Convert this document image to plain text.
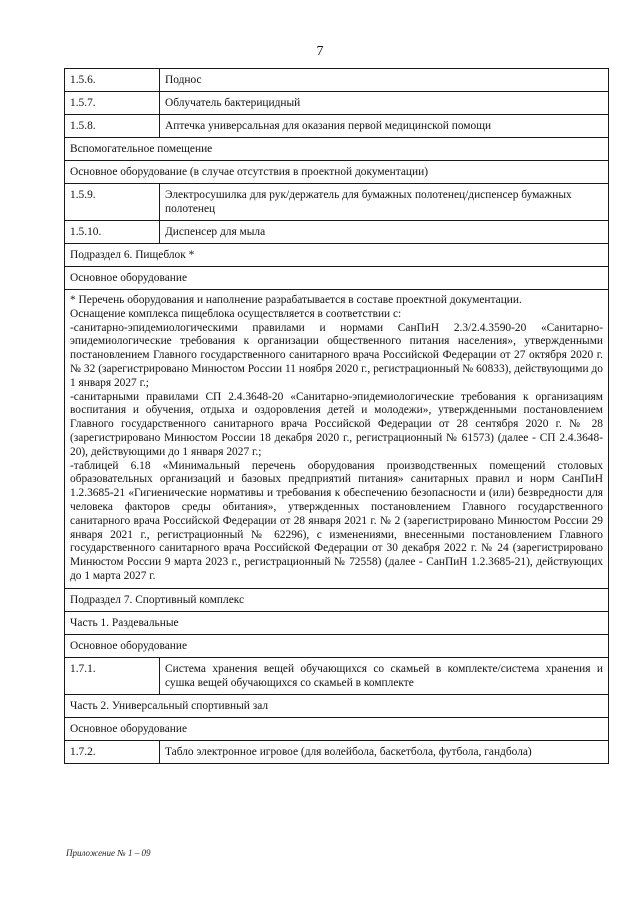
7
1.5.6.	Поднос
1.5.7.	Облучатель бактерицидный
1.5.8.	Аптечка универсальная для оказания первой медицинской помощи
Вспомогательное помещение	
Основное оборудование (в случае отсутствия в проектной документации)	
1.5.9.	Электросушилка для рук/держатель для бумажных полотенец/диспенсер бумажных полотенец
1.5.10.	Диспенсер для мыла
Подраздел 6. Пищеблок *	
Основное оборудование	

* Перечень оборудования и наполнение разрабатывается в составе проектной документации.

Оснащение комплекса пищеблока осуществляется в соответствии с:

-санитарно-эпидемиологическими правилами и нормами СанПиН 2.3/2.4.3590-20 «Санитарно-эпидемиологические требования к организации общественного питания населения», утвержденными постановлением Главного государственного санитарного врача Российской Федерации от 27 октября 2020 г. № 32 (зарегистрировано Минюстом России 11 ноября 2020 г., регистрационный № 60833), действующими до 1 января 2027 г.;

-санитарными правилами СП 2.4.3648-20 «Санитарно-эпидемиологические требования к организациям воспитания и обучения, отдыха и оздоровления детей и молодежи», утвержденными постановлением Главного государственного санитарного врача Российской Федерации от 28 сентября 2020 г. № 28 (зарегистрировано Минюстом России 18 декабря 2020 г., регистрационный № 61573) (далее - СП 2.4.3648-20), действующими до 1 января 2027 г.;

-таблицей 6.18 «Минимальный перечень оборудования производственных помещений столовых образовательных организаций и базовых предприятий питания» санитарных правил и норм СанПиН 1.2.3685-21 «Гигиенические нормативы и требования к обеспечению безопасности и (или) безвредности для человека факторов среды обитания», утвержденных постановлением Главного государственного санитарного врача Российской Федерации от 28 января 2021 г. № 2 (зарегистрировано Минюстом России 29 января 2021 г., регистрационный № 62296), с изменениями, внесенными постановлением Главного государственного санитарного врача Российской Федерации от 30 декабря 2022 г. № 24 (зарегистрировано Минюстом России 9 марта 2023 г., регистрационный № 72558) (далее - СанПиН 1.2.3685-21), действующих до 1 марта 2027 г.	

Подраздел 7. Спортивный комплекс	
Часть 1. Раздевальные	
Основное оборудование	
1.7.1.	Система хранения вещей обучающихся со скамьей в комплекте/система хранения и сушка вещей обучающихся со скамьей в комплекте
Часть 2. Универсальный спортивный зал	
Основное оборудование	
1.7.2.	Табло электронное игровое (для волейбола, баскетбола, футбола, гандбола)
Приложение № 1 – 09
